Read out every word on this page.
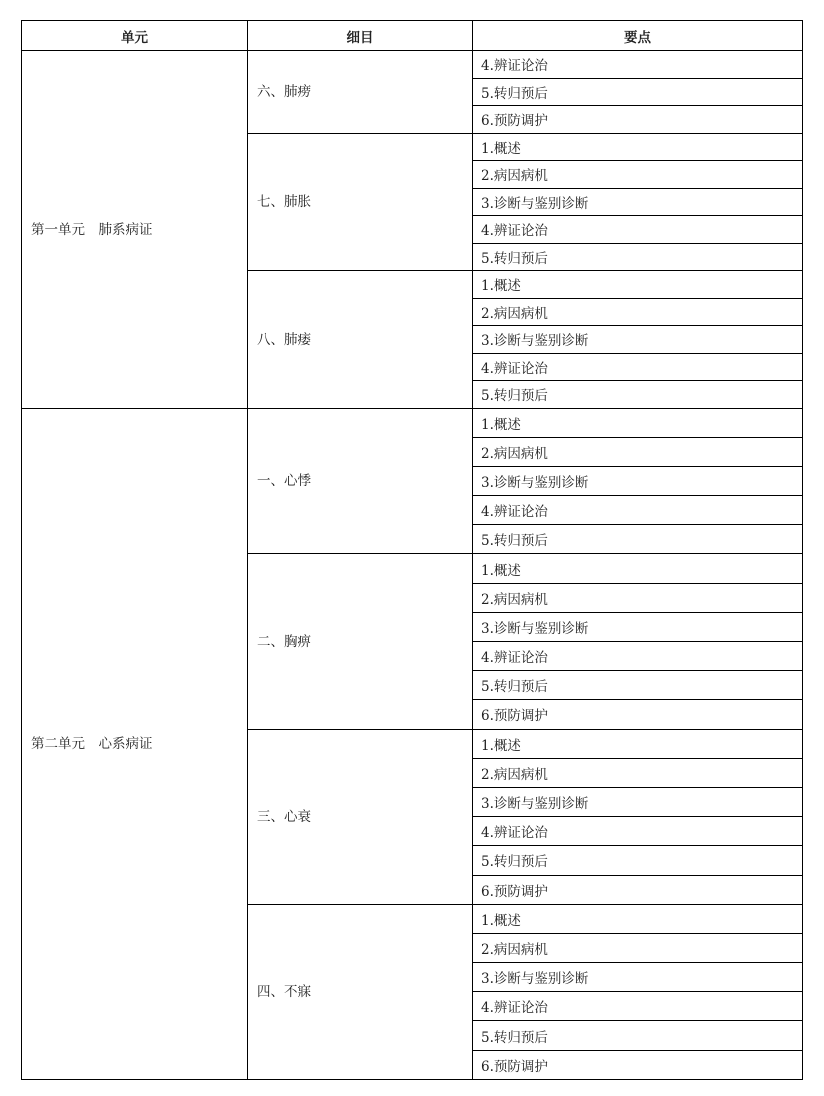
单元	细目	要点
第一单元　肺系病证	六、肺痨	4.辨证论治
		5.转归预后
		6.预防调护
	七、肺胀	1.概述
		2.病因病机
		3.诊断与鉴别诊断
		4.辨证论治
		5.转归预后
	八、肺痿	1.概述
		2.病因病机
		3.诊断与鉴别诊断
		4.辨证论治
		5.转归预后
第二单元　心系病证	一、心悸	1.概述
		2.病因病机
		3.诊断与鉴别诊断
		4.辨证论治
		5.转归预后
	二、胸痹	1.概述
		2.病因病机
		3.诊断与鉴别诊断
		4.辨证论治
		5.转归预后
		6.预防调护
	三、心衰	1.概述
		2.病因病机
		3.诊断与鉴别诊断
		4.辨证论治
		5.转归预后
		6.预防调护
	四、不寐	1.概述
		2.病因病机
		3.诊断与鉴别诊断
		4.辨证论治
		5.转归预后
		6.预防调护
